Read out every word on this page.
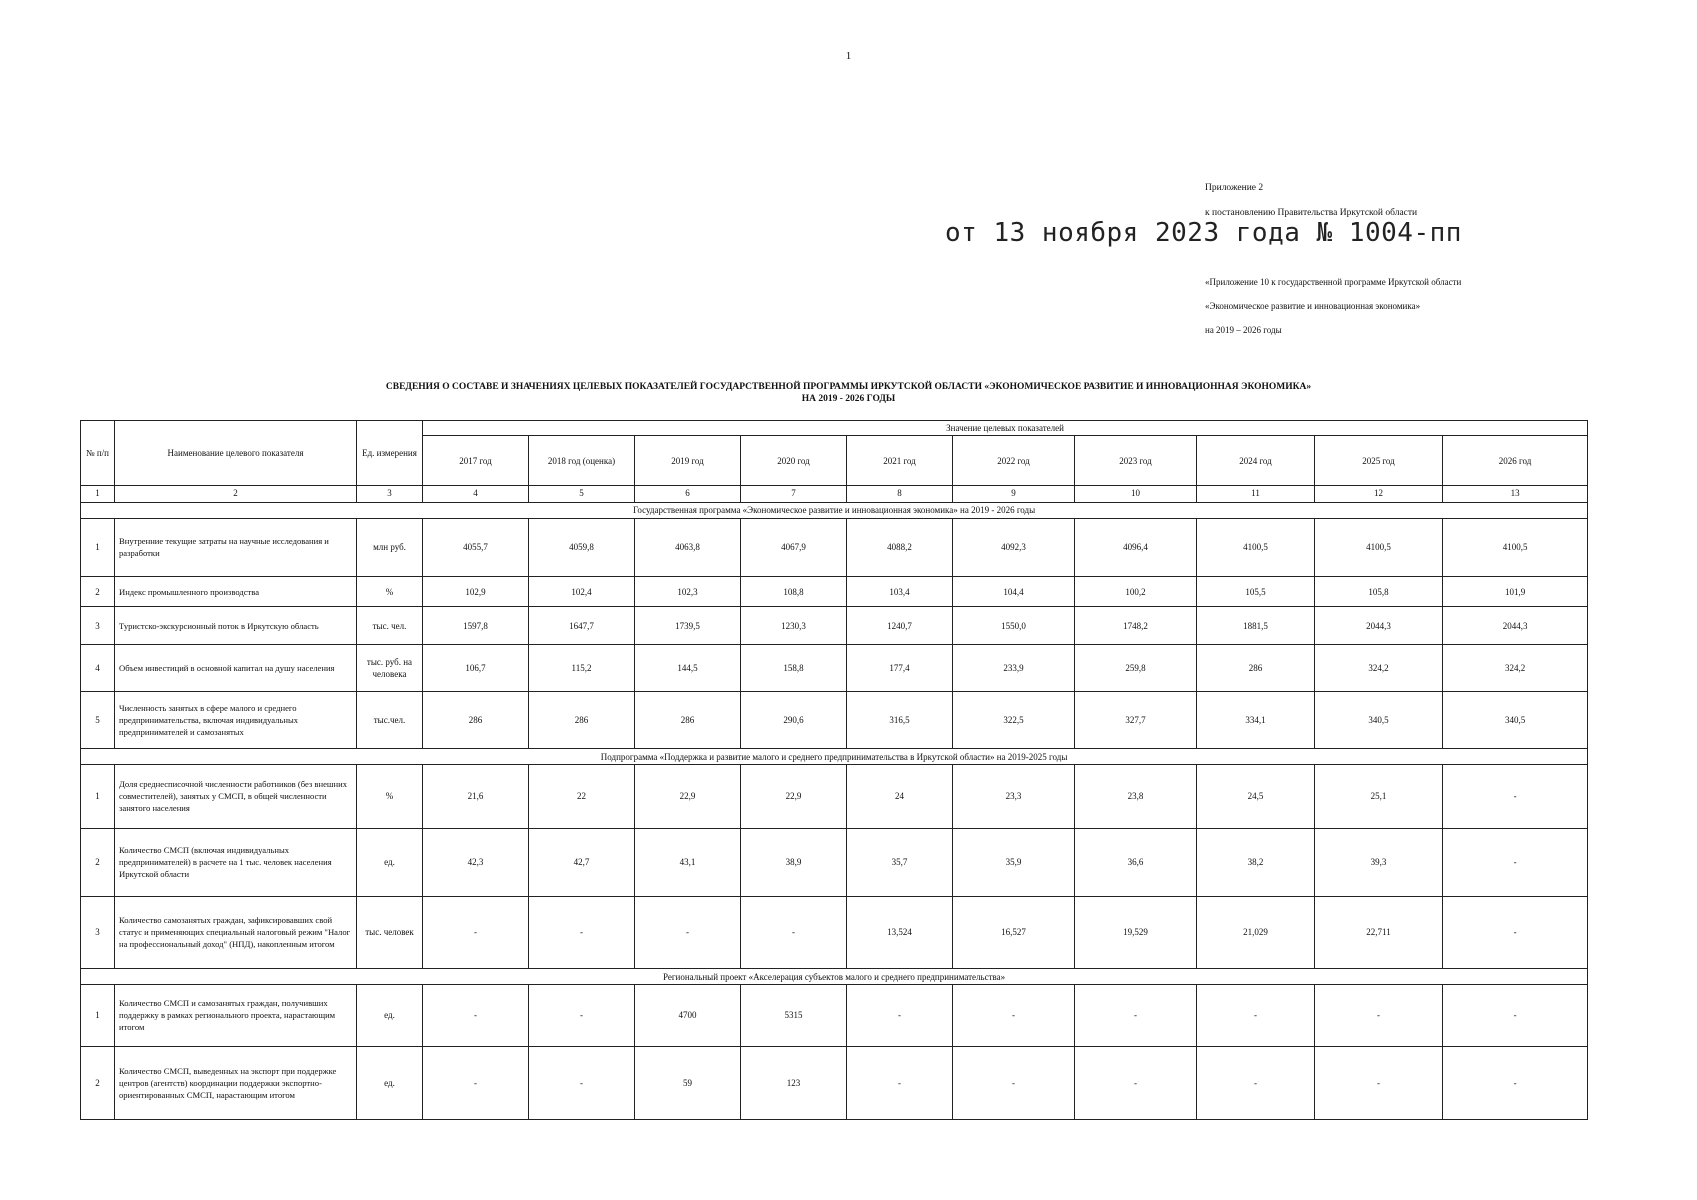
1
Приложение 2
к постановлению Правительства Иркутской области
от 13 ноября 2023 года № 1004-пп
«Приложение 10 к государственной программе Иркутской области
«Экономическое развитие и инновационная экономика»
на 2019 – 2026 годы
СВЕДЕНИЯ О СОСТАВЕ И ЗНАЧЕНИЯХ ЦЕЛЕВЫХ ПОКАЗАТЕЛЕЙ ГОСУДАРСТВЕННОЙ ПРОГРАММЫ ИРКУТСКОЙ ОБЛАСТИ «ЭКОНОМИЧЕСКОЕ РАЗВИТИЕ И ИННОВАЦИОННАЯ ЭКОНОМИКА»
НА 2019 - 2026 ГОДЫ
№ п/п	Наименование целевого показателя	Ед. измерения	Значение целевых показателей									
			2017 год	2018 год (оценка)	2019 год	2020 год	2021 год	2022 год	2023 год	2024 год	2025 год	2026 год
1	2	3	4	5	6	7	8	9	10	11	12	13
Государственная программа «Экономическое развитие и инновационная экономика» на 2019 - 2026 годы												
1	Внутренние текущие затраты на научные исследования и разработки	млн руб.	4055,7	4059,8	4063,8	4067,9	4088,2	4092,3	4096,4	4100,5	4100,5	4100,5
2	Индекс промышленного производства	%	102,9	102,4	102,3	108,8	103,4	104,4	100,2	105,5	105,8	101,9
3	Туристско-экскурсионный поток в Иркутскую область	тыс. чел.	1597,8	1647,7	1739,5	1230,3	1240,7	1550,0	1748,2	1881,5	2044,3	2044,3
4	Объем инвестиций в основной капитал на душу населения	тыс. руб. на человека	106,7	115,2	144,5	158,8	177,4	233,9	259,8	286	324,2	324,2
5	Численность занятых в сфере малого и среднего предпринимательства, включая индивидуальных предпринимателей и самозанятых	тыс.чел.	286	286	286	290,6	316,5	322,5	327,7	334,1	340,5	340,5
Подпрограмма «Поддержка и развитие малого и среднего предпринимательства в Иркутской области» на 2019-2025 годы												
1	Доля среднесписочной численности работников (без внешних совместителей), занятых у СМСП, в общей численности занятого населения	%	21,6	22	22,9	22,9	24	23,3	23,8	24,5	25,1	-
2	Количество СМСП (включая индивидуальных предпринимателей) в расчете на 1 тыс. человек населения Иркутской области	ед.	42,3	42,7	43,1	38,9	35,7	35,9	36,6	38,2	39,3	-
3	Количество самозанятых граждан, зафиксировавших свой статус и применяющих специальный налоговый режим "Налог на профессиональный доход" (НПД), накопленным итогом	тыс. человек	-	-	-	-	13,524	16,527	19,529	21,029	22,711	-
Региональный проект «Акселерация субъектов малого и среднего предпринимательства»												
1	Количество СМСП и самозанятых граждан, получивших поддержку в рамках регионального проекта, нарастающим итогом	ед.	-	-	4700	5315	-	-	-	-	-	-
2	Количество СМСП, выведенных на экспорт при поддержке центров (агентств) координации поддержки экспортно-ориентированных СМСП, нарастающим итогом	ед.	-	-	59	123	-	-	-	-	-	-
